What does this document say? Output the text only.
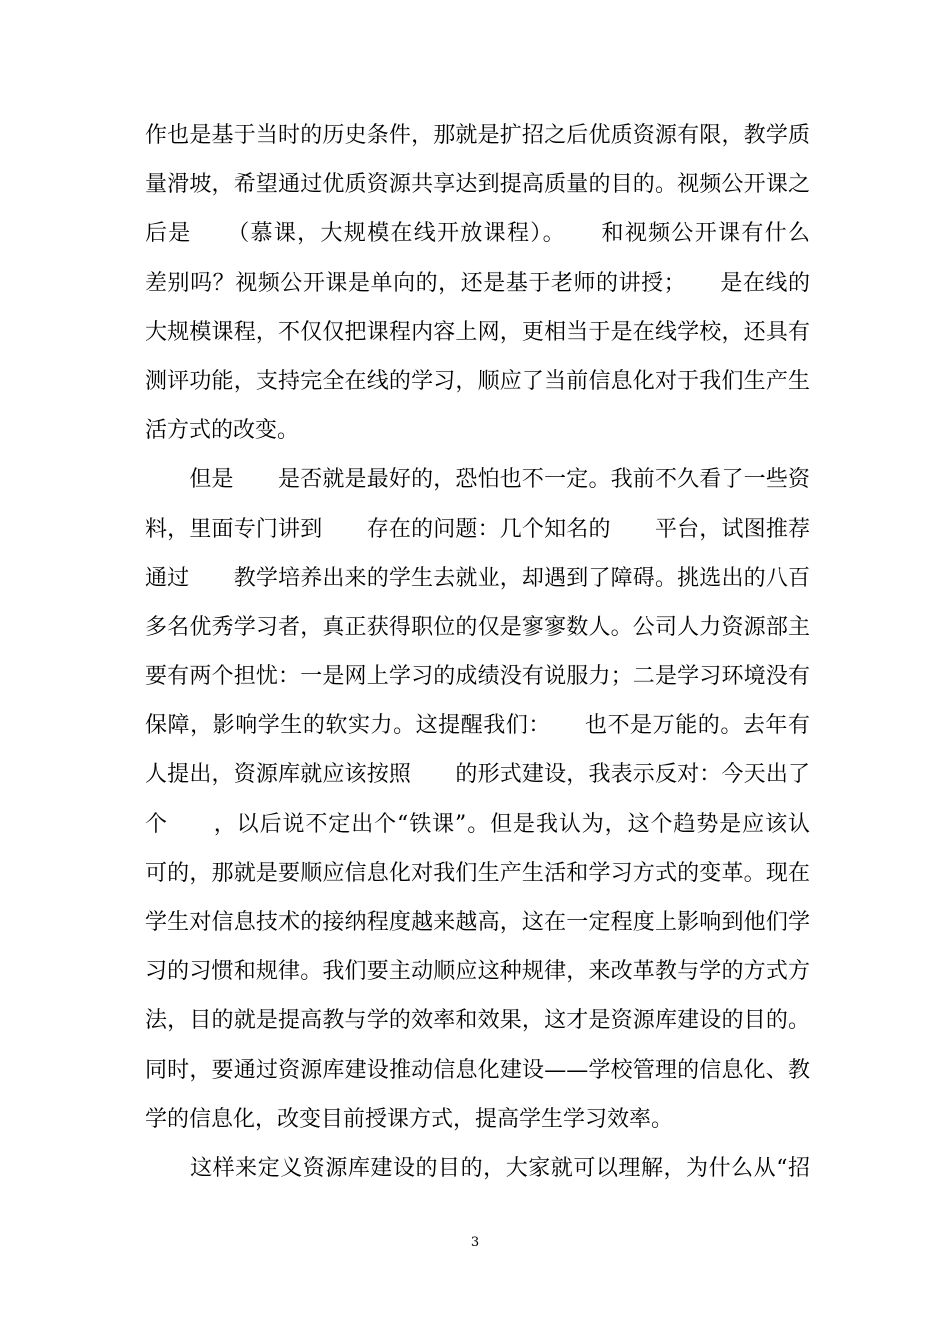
作也是基于当时的历史条件，那就是扩招之后优质资源有限，教学质
量滑坡，希望通过优质资源共享达到提高质量的目的。视频公开课之
后是　　（慕课，大规模在线开放课程）。　　和视频公开课有什么
差别吗？视频公开课是单向的，还是基于老师的讲授；　　是在线的
大规模课程，不仅仅把课程内容上网，更相当于是在线学校，还具有
测评功能，支持完全在线的学习，顺应了当前信息化对于我们生产生
活方式的改变。
　　但是　　是否就是最好的，恐怕也不一定。我前不久看了一些资
料，里面专门讲到　　存在的问题：几个知名的　　平台，试图推荐
通过　　教学培养出来的学生去就业，却遇到了障碍。挑选出的八百
多名优秀学习者，真正获得职位的仅是寥寥数人。公司人力资源部主
要有两个担忧：一是网上学习的成绩没有说服力；二是学习环境没有
保障，影响学生的软实力。这提醒我们：　　也不是万能的。去年有
人提出，资源库就应该按照　　的形式建设，我表示反对：今天出了
个　　，以后说不定出个“铁课”。但是我认为，这个趋势是应该认
可的，那就是要顺应信息化对我们生产生活和学习方式的变革。现在
学生对信息技术的接纳程度越来越高，这在一定程度上影响到他们学
习的习惯和规律。我们要主动顺应这种规律，来改革教与学的方式方
法，目的就是提高教与学的效率和效果，这才是资源库建设的目的。
同时，要通过资源库建设推动信息化建设——学校管理的信息化、教
学的信息化，改变目前授课方式，提高学生学习效率。
　　这样来定义资源库建设的目的，大家就可以理解，为什么从“招
3
